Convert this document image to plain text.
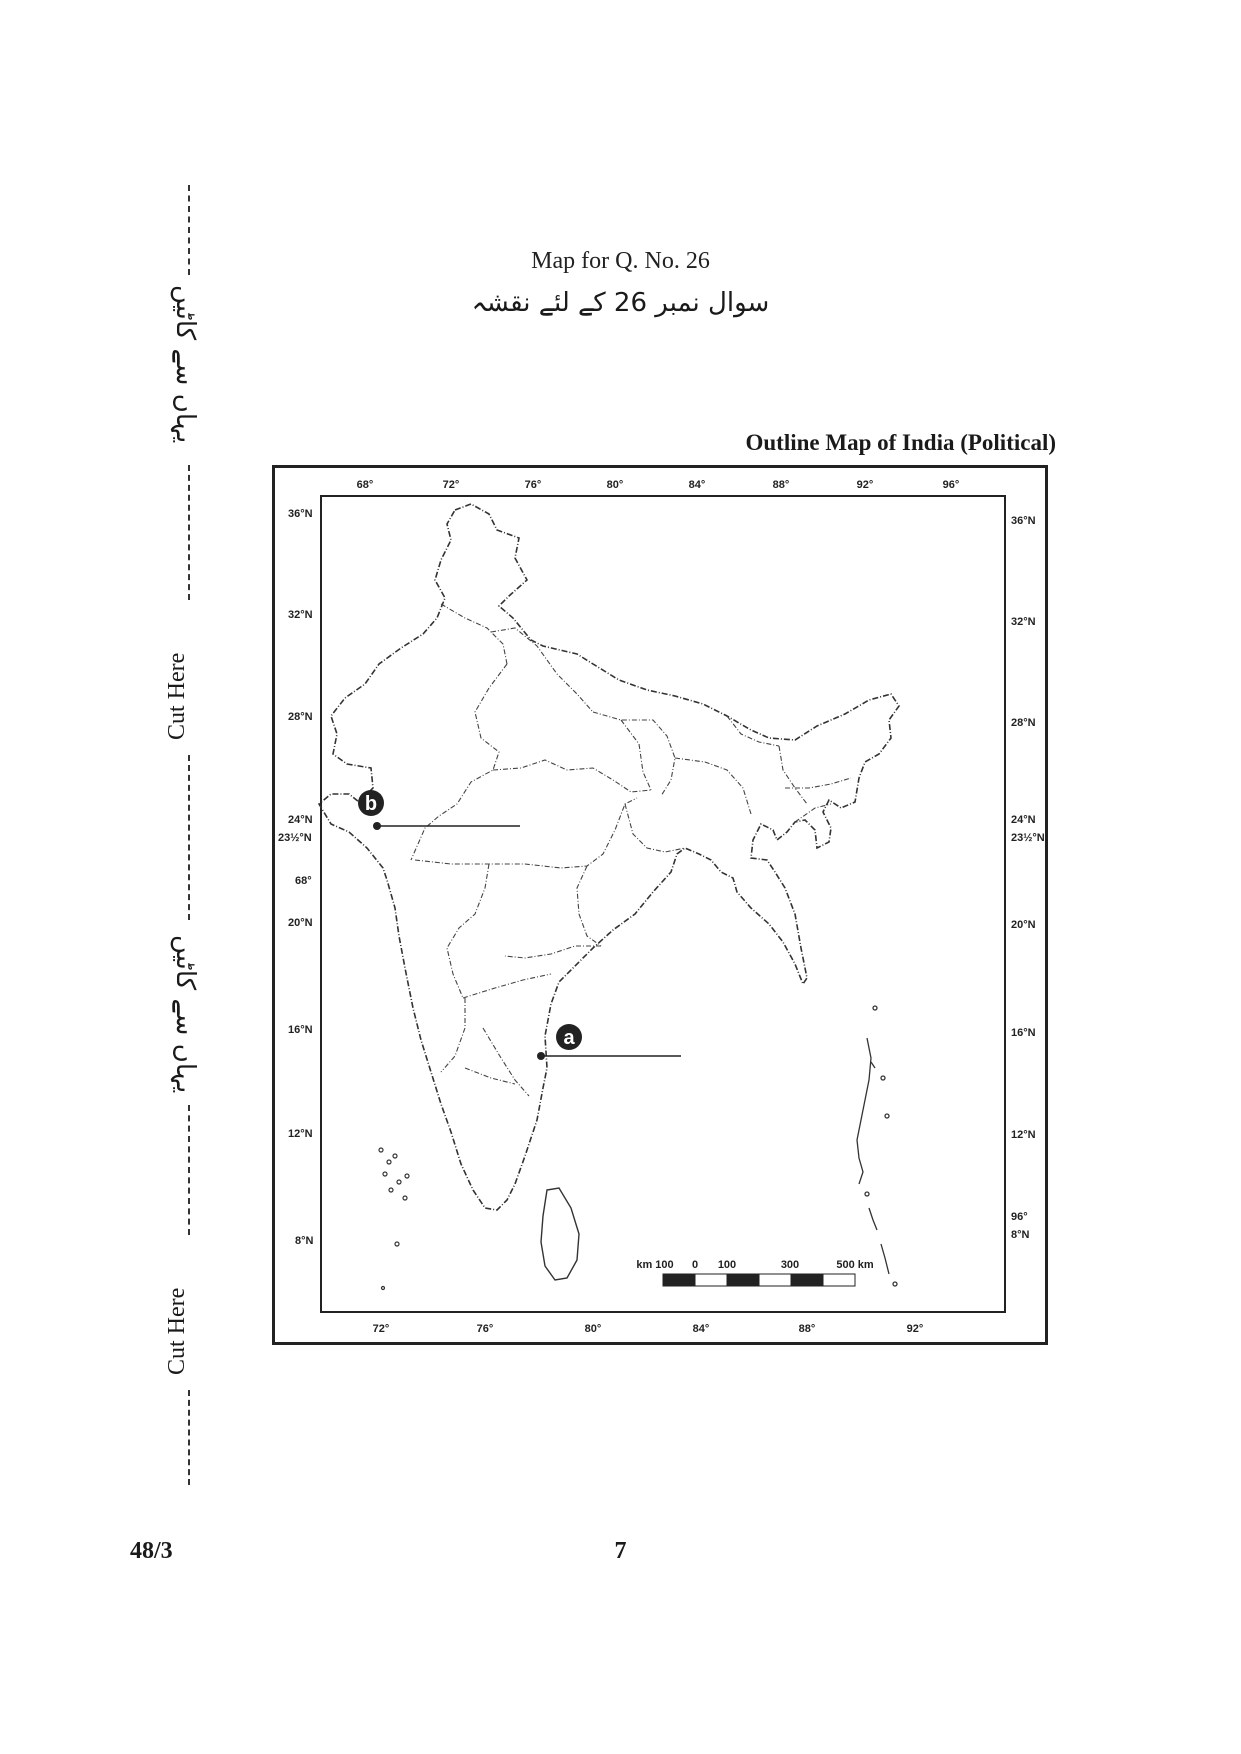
یہاں سے کاٹیں
Cut Here
یہاں سے کاٹیں
Cut Here
Map for Q. No. 26
سوال نمبر 26 کے لئے نقشہ
Outline Map of India (Political)
68°	72°	76°	80°	84°	88°	92°	96°
72°	76°	80°	84°	88°	92°
36°N
32°N
28°N
24°N
23½°N
68°
20°N
16°N
12°N
8°N
36°N
32°N
28°N
24°N
23½°N
20°N
16°N
12°N
96°
8°N
b
a
km 100 0 100	300	500 km
48/3	7
